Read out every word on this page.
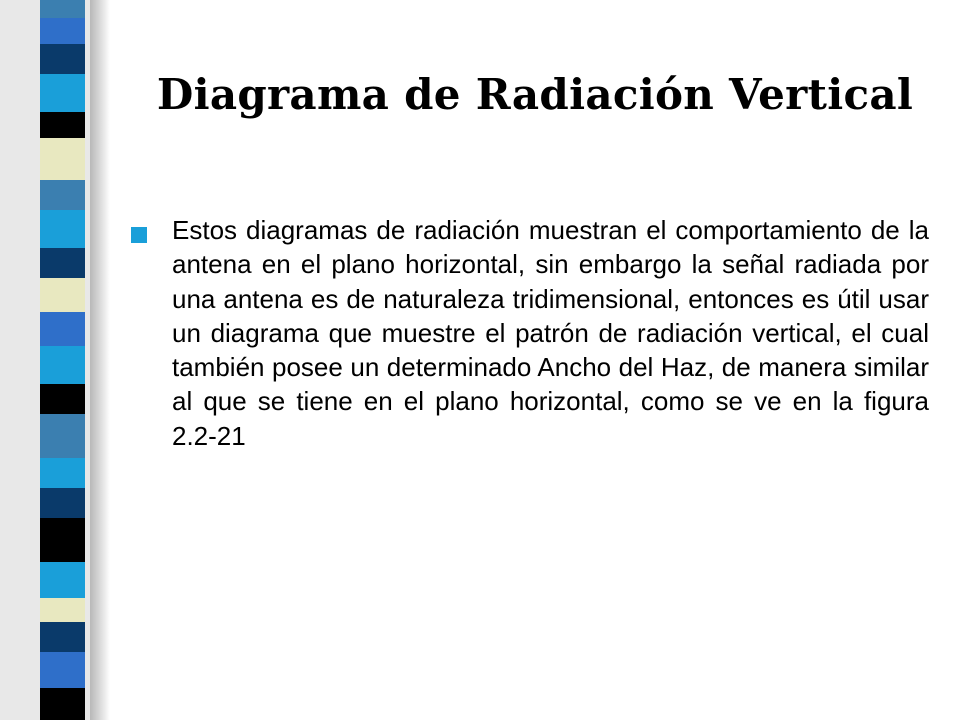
Diagrama de Radiación Vertical

Estos diagramas de radiación muestran el comportamiento de la antena en el plano horizontal, sin embargo la señal radiada por una antena es de naturaleza tridimensional, entonces es útil usar un diagrama que muestre el patrón de radiación vertical, el cual también posee un determinado Ancho del Haz, de manera similar al que se tiene en el plano horizontal, como se ve en la figura 2.2-21
